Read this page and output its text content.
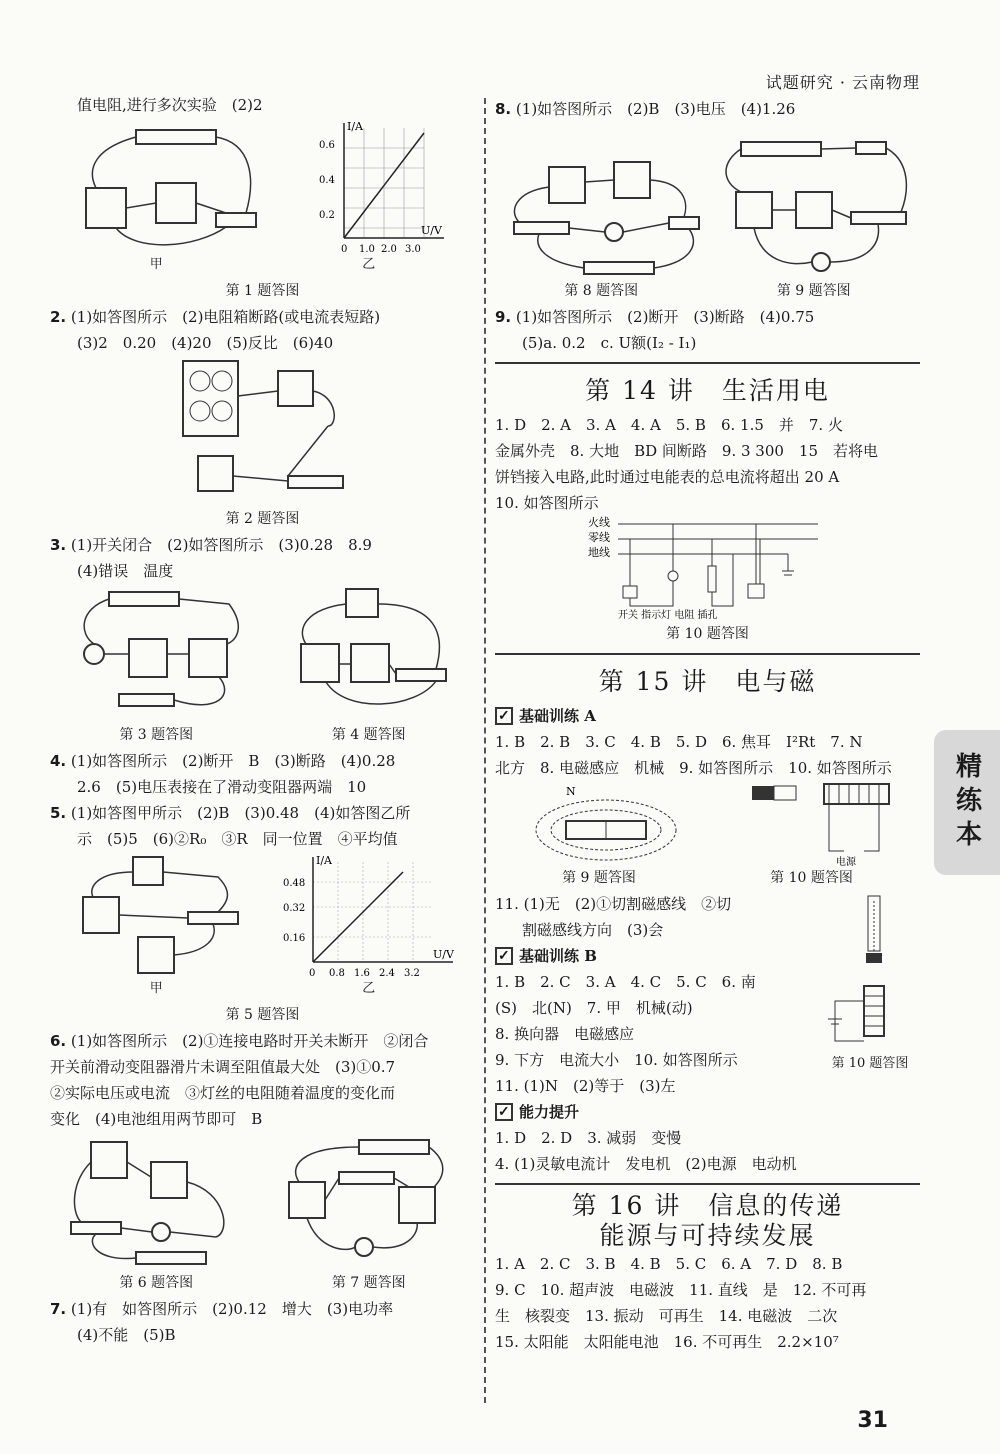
试题研究 · 云南物理
31
精练本
值电阻,进行多次实验　(2)2
I/A
U/V
0.6
0.4
0.2
0 1.0 2.0 3.0
甲	乙
第 1 题答图
2. (1)如答图所示　(2)电阻箱断路(或电流表短路)
(3)2　0.20　(4)20　(5)反比　(6)40
第 2 题答图
3. (1)开关闭合　(2)如答图所示　(3)0.28　8.9
(4)错误　温度
第 3 题答图	第 4 题答图
4. (1)如答图所示　(2)断开　B　(3)断路　(4)0.28
2.6　(5)电压表接在了滑动变阻器两端　10
5. (1)如答图甲所示　(2)B　(3)0.48　(4)如答图乙所
示　(5)5　(6)②R₀　③R　同一位置　④平均值
I/A
U/V
0.48
0.32
0.16
0 0.8 1.6 2.4 3.2
甲	乙
第 5 题答图
6. (1)如答图所示　(2)①连接电路时开关未断开　②闭合
开关前滑动变阻器滑片未调至阻值最大处　(3)①0.7
②实际电压或电流　③灯丝的电阻随着温度的变化而
变化　(4)电池组用两节即可　B
第 6 题答图	第 7 题答图
7. (1)有　如答图所示　(2)0.12　增大　(3)电功率
(4)不能　(5)B
8. (1)如答图所示　(2)B　(3)电压　(4)1.26
第 8 题答图	第 9 题答图
9. (1)如答图所示　(2)断开　(3)断路　(4)0.75
(5)a. 0.2　c. U额(I₂ - I₁)
第 14 讲　生活用电
1. D　2. A　3. A　4. A　5. B　6. 1.5　并　7. 火
金属外壳　8. 大地　BD 间断路　9. 3 300　15　若将电
饼铛接入电路,此时通过电能表的总电流将超出 20 A
10. 如答图所示
火线
零线
地线
开关 指示灯 电阻 插孔
第 10 题答图
第 15 讲　电与磁
✓
基础训练 A
1. B　2. B　3. C　4. B　5. D　6. 焦耳　I²Rt　7. N
北方　8. 电磁感应　机械　9. 如答图所示　10. 如答图所示
N
电源
第 9 题答图	第 10 题答图
11. (1)无　(2)①切割磁感线　②切
割磁感线方向　(3)会
✓
基础训练 B
1. B　2. C　3. A　4. C　5. C　6. 南
(S)　北(N)　7. 甲　机械(动)
8. 换向器　电磁感应
9. 下方　电流大小　10. 如答图所示
11. (1)N　(2)等于　(3)左
第 10 题答图
✓
能力提升
1. D　2. D　3. 减弱　变慢
4. (1)灵敏电流计　发电机　(2)电源　电动机
第 16 讲　信息的传递
能源与可持续发展
1. A　2. C　3. B　4. B　5. C　6. A　7. D　8. B
9. C　10. 超声波　电磁波　11. 直线　是　12. 不可再
生　核裂变　13. 振动　可再生　14. 电磁波　二次
15. 太阳能　太阳能电池　16. 不可再生　2.2×10⁷
